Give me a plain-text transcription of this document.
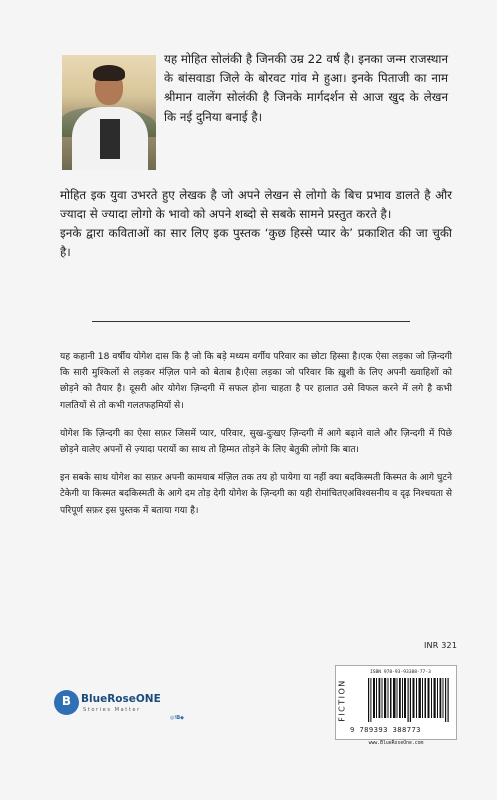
यह मोहित सोलंकी है जिनकी उम्र 22 वर्ष है। इनका जन्म राजस्थान के बांसवाडा जिले के बोरवट गांव मे हुआ। इनके पिताजी का नाम श्रीमान वालेंग सोलंकी है जिनके मार्गदर्शन से आज खुद के लेखन कि नई दुनिया बनाई है।

मोहित इक युवा उभरते हुए लेखक है जो अपने लेखन से लोगो के बिच प्रभाव डालते है और ज्यादा से ज्यादा लोगो के भावो को अपने शब्दो से सबके सामने प्रस्तुत करते है।

इनके द्वारा कविताओं का सार लिए इक पुस्तक ‘कुछ हिस्से प्यार के’ प्रकाशित की जा चुकी है।

यह कहानी 18 वर्षीय योगेश दास कि है जो कि बड़े मध्यम वर्गीय परिवार का छोटा हिस्सा है।एक ऐसा लड़का जो ज़िन्दगी कि सारी मुश्किलों से लड़कर मंज़िल पाने को बेताब है।ऐसा लड़का जो परिवार कि ख़ुशी के लिए अपनी ख्वाहिशों को छोड़ने को तैयार है। दूसरी ओर योगेश ज़िन्दगी में सफल होना चाहता है पर हालात उसे विफल करने में लगे है कभी गलतियों से तो कभी गलतफहमियों से।

योगेश कि ज़िन्दगी का ऐसा सफ़र जिसमें प्यार, परिवार, सुख-दुःखए ज़िन्दगी में आगे बढ़ाने वाले और ज़िन्दगी में पिछे छोड़ने वालेए अपनों से ज़्यादा परायों का साथ तो हिम्मत तोड़ने के लिए बेतुकी लोगो कि बात।

इन सबके साथ योगेश का सफ़र अपनी कामयाब मंज़िल तक तय हो पायेगा या नहीं क्या बदकिस्मती किस्मत के आगे घुटने टेकेगी या किस्मत बदकिस्मती के आगे दम तोड़ देगी योगेश के ज़िन्दगी का यही रोमांचितएअविश्वसनीय व दृढ़ निश्चयता से परिपूर्ण सफ़र इस पुस्तक में बताया गया है।

INR 321
FICTION
ISBN 978-93-93388-77-3
9 789393 388773
www.BlueRoseOne.com
B BlueRoseONE
Stories Matter
◎f◘◆
